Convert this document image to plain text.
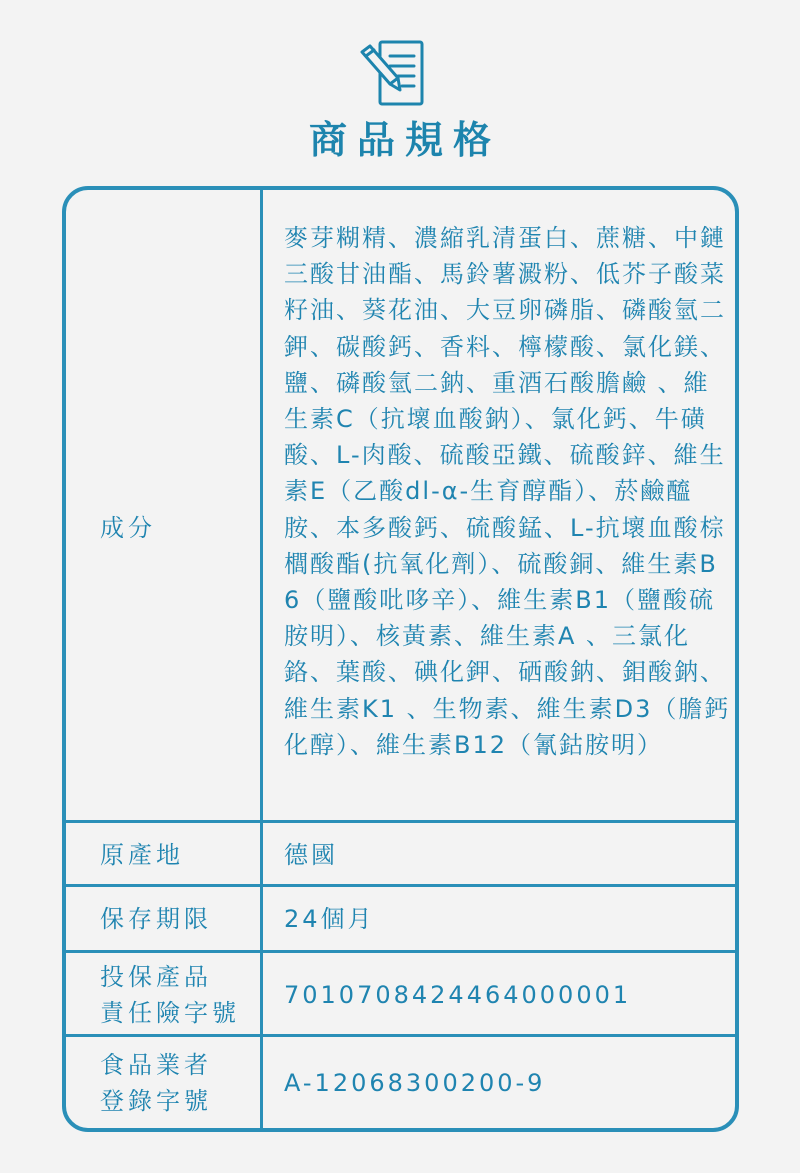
商品規格
成分
麥芽糊精、濃縮乳清蛋白、蔗糖、中鏈三酸甘油酯、馬鈴薯澱粉、低芥子酸菜籽油、葵花油、大豆卵磷脂、磷酸氫二鉀、碳酸鈣、香料、檸檬酸、氯化鎂、鹽、磷酸氫二鈉、重酒石酸膽鹼 、維生素C（抗壞血酸鈉）、氯化鈣、牛磺酸、L-肉酸、硫酸亞鐵、硫酸鋅、維生素E（乙酸dl-α-生育醇酯）、菸鹼醯胺、本多酸鈣、硫酸錳、L-抗壞血酸棕櫚酸酯(抗氧化劑）、硫酸銅、維生素B6（鹽酸吡哆辛）、維生素B1（鹽酸硫胺明）、核黃素、維生素A 、三氯化鉻、葉酸、碘化鉀、硒酸鈉、鉬酸鈉、維生素K1 、生物素、維生素D3（膽鈣化醇）、維生素B12（氰鈷胺明）
原產地	德國
保存期限	24個月
投保產品
責任險字號
7010708424464000001
食品業者
登錄字號
A-12068300200-9
